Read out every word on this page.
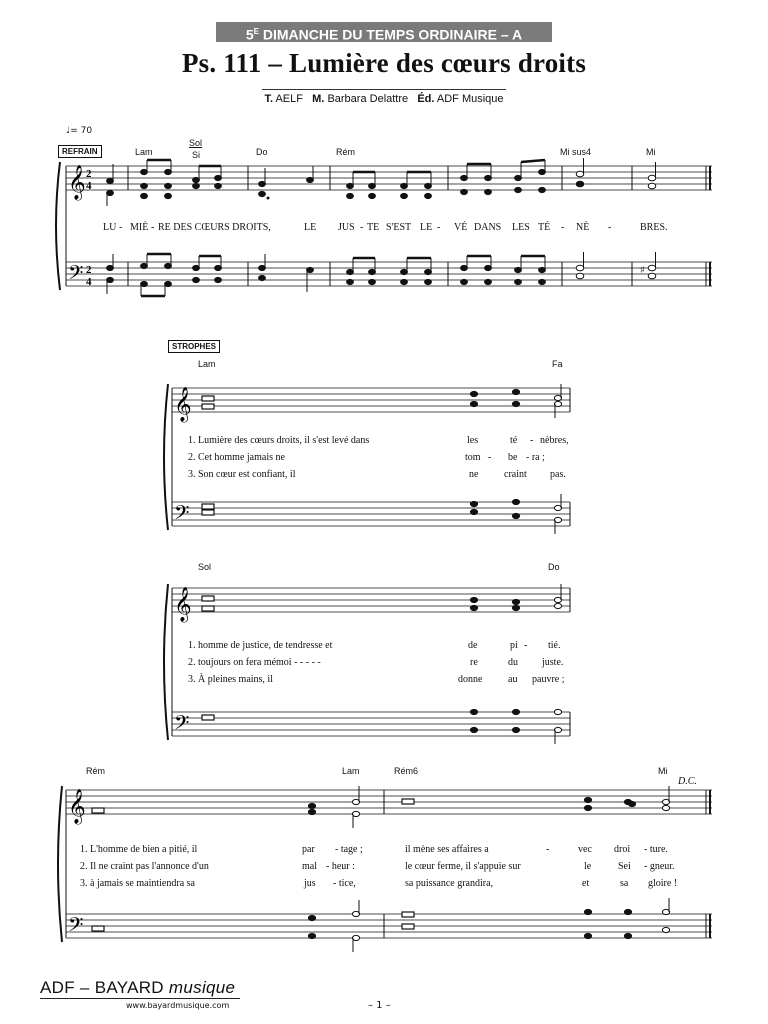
$5^E$ DIMANCHE DU TEMPS ORDINAIRE – A
Ps. 111 – Lumière des cœurs droits
T. AELF M. Barbara Delattre Éd. ADF Musique
♩= 70
REFRAIN	Lam
Sol
Si	Do	Rém	Mi sus4	Mi
𝄞
𝄢
2
4
2
4
♯
𝄞
𝄢
𝄞
𝄢
𝄞
𝄢
LU - MIÈ - RE DES CŒURS DROITS,	LE JUS - TE S'EST LE - VÉ DANS LES TÉ - NÈ -	BRES.
STROPHES
Lam	Fa
1. Lumière des cœurs droits, il s'est levé dans
2. Cet homme jamais ne
3. Son cœur est confiant, il
les	té - nèbres,
tom - be - ra ;
ne	craint pas.
Sol	Do
1. homme de justice, de tendresse et
2. toujours on fera mémoi - - - - -
3. À pleines mains, il
de	pi - tié.
re	du juste.
donne	au pauvre ;
Rém	Lam	Rém6	Mi
D.C.
1. L'homme de bien a pitié, il
2. Il ne craint pas l'annonce d'un
3. à jamais se maintiendra sa
par - tage ;	il mène ses affaires a	-	vec droi - ture.
mal - heur :	le cœur ferme, il s'appuie sur	le	Sei - gneur.
jus - tice,	sa puissance grandira,	et	sa gloire !
ADF – BAYARD musique
www.bayardmusique.com	– 1 –
